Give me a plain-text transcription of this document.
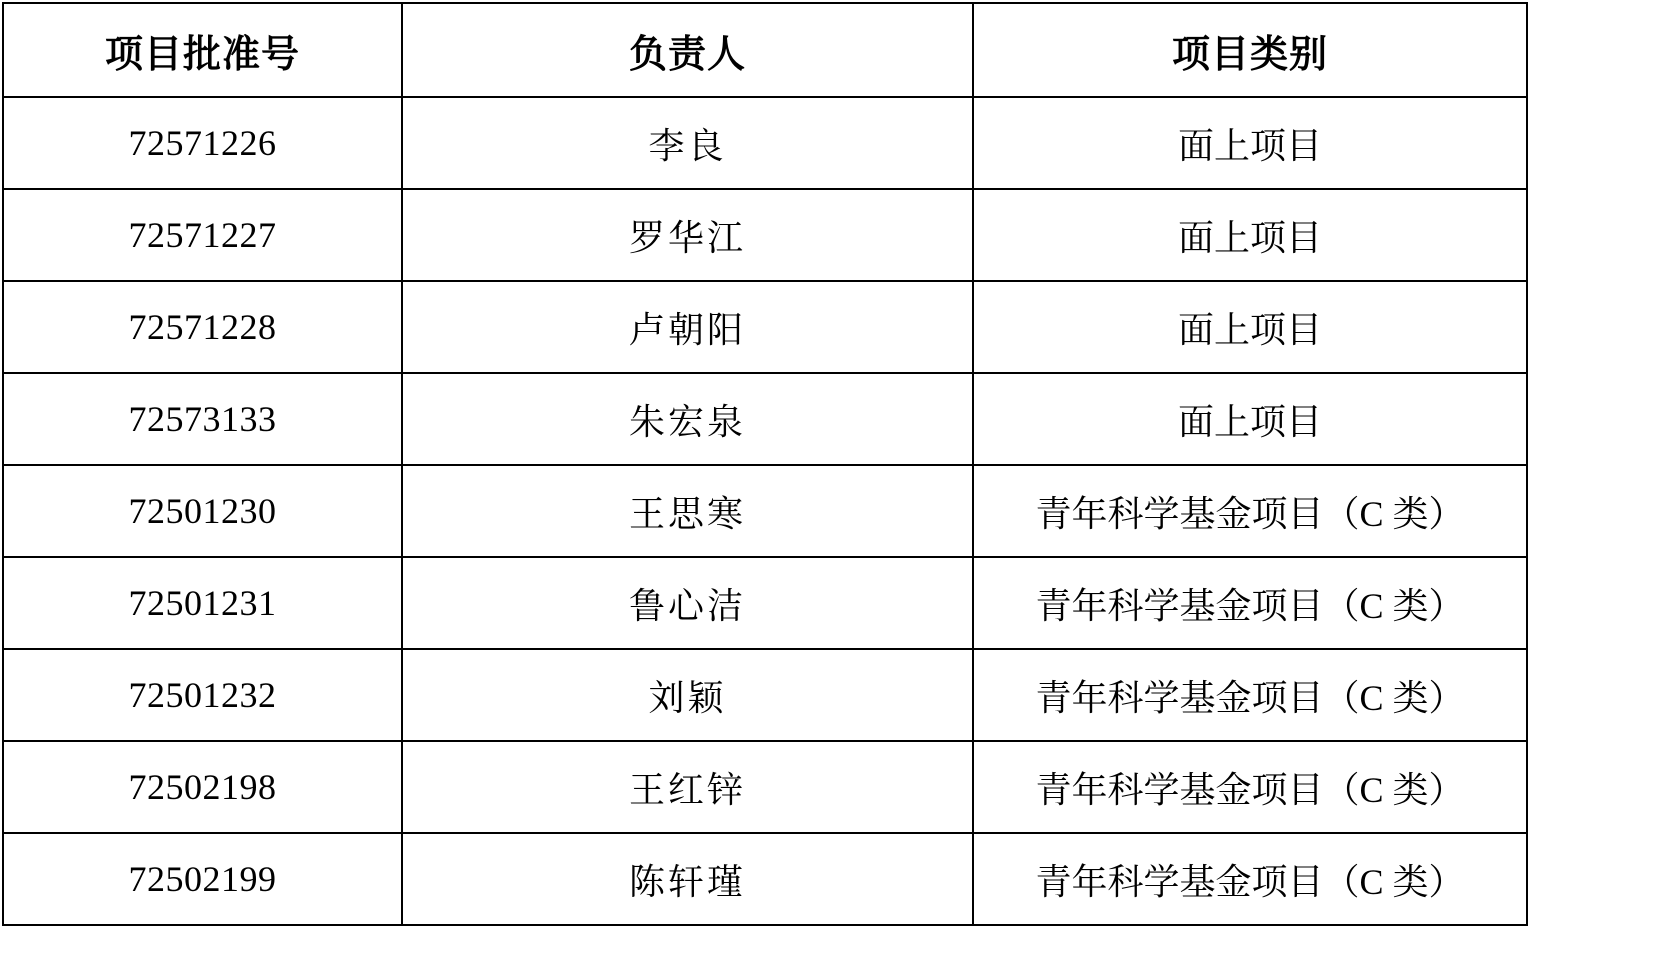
项目批准号	负责人	项目类别
72571226	李良	面上项目
72571227	罗华江	面上项目
72571228	卢朝阳	面上项目
72573133	朱宏泉	面上项目
72501230	王思寒	青年科学基金项目（C 类）
72501231	鲁心洁	青年科学基金项目（C 类）
72501232	刘颖	青年科学基金项目（C 类）
72502198	王红锌	青年科学基金项目（C 类）
72502199	陈轩瑾	青年科学基金项目（C 类）
